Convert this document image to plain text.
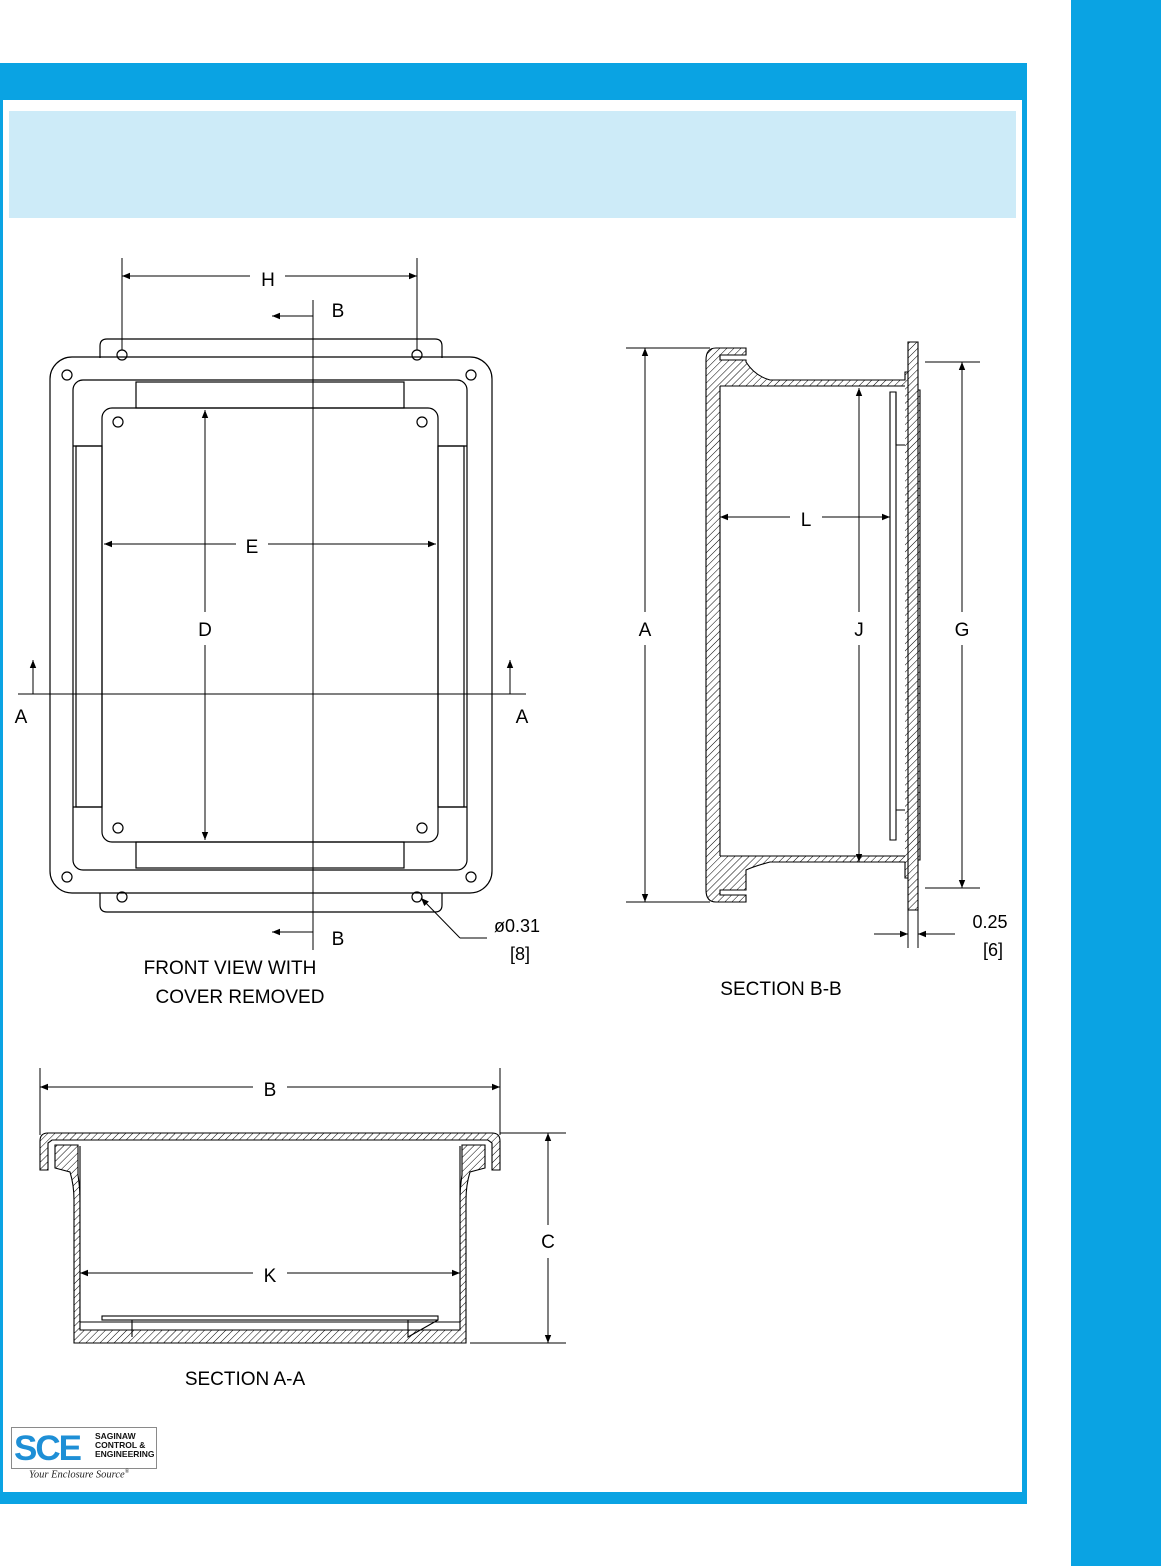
H
E
D
A	A
B
B
ø0.31
[8]
FRONT VIEW WITH
COVER REMOVED
A
L
J	G
0.25
[6]
SECTION B-B
B
K
C
SECTION A-A
SCE SAGINAW
CONTROL &
ENGINEERING
Your Enclosure Source®
